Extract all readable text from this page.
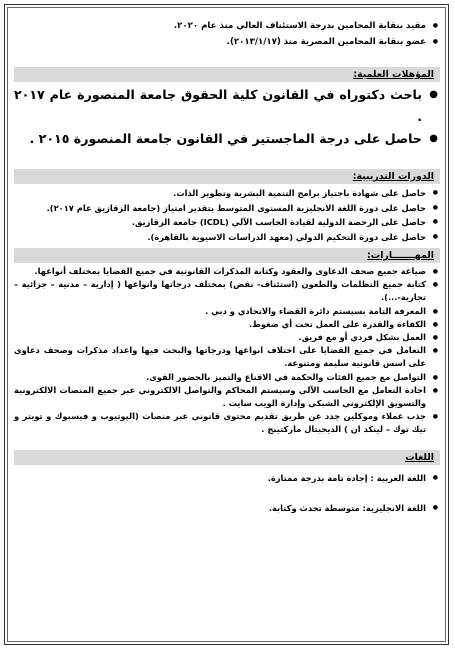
● مقيد بنقابة المحامين بدرجة الاستئناف العالي منذ عام ٢٠٢٠.
● عضو بنقابة المحامين المصرية منذ (٢٠١٣/١/١٧).
المؤهلات العلمية:
● باحث دكتوراه في القانون كلية الحقوق جامعة المنصورة عام ٢٠١٧ .
● حاصل على درجة الماجستير في القانون جامعة المنصورة ٢٠١٥ .
الدورات التدريبية:
● حاصل على شهادة باجتياز برامج التنمية البشرية وتطوير الذات.
● حاصل على دورة اللغة الانجليزية المستوى المتوسط بتقدير امتياز (جامعة الزقازيق عام ٢٠١٧).
● حاصل على الرخصة الدولية لقيادة الحاسب الآلي (ICDL) جامعة الزقازيق.
● حاصل على دورة التحكيم الدولي (معهد الدراسات الاسيوية بالقاهرة).
المهـــــــارات:
● صياغة جميع صحف الدعاوى والعقود وكتابة المذكرات القانونية في جميع القضايا بمختلف أنواعها.
● كتابة جميع التظلمات والطعون (استئناف- نقض) بمختلف درجاتها وانواعها ( إدارية – مدنية – جزائية – تجارية-...).
● المعرفة التامة بسيستم دائرة القضاء والاتحادي و دبي .
● الكفاءة والقدرة على العمل تحت أي ضغوط.
● العمل بشكل فردي أو مع فريق.
● التعامل في جميع القضايا على اختلاف انواعها ودرجاتها والبحث فيها واعداد مذكرات وصحف دعاوى على اسس قانونية سليمة ومتنوعة.
● التواصل مع جميع الفئات والحكمة في الاقناع والتميز بالحضور القوى.
● اجادة التعامل مع الحاسب الآلي وسيستم المحاكم والتواصل الالكتروني عبر جميع المنصات الالكترونية والتسويق الإلكتروني الشبكي وإدارة الويب سايت .
● جذب عملاء وموكلين جدد عن طريق تقديم محتوى قانوني عبر منصات (اليوتيوب و فيسبوك و تويتر و تيك توك – لينكد ان ) الديجيتال ماركتينج .
اللغات
● اللغة العربية : إجادة تامة بدرجة ممتازة.
● اللغة الانجليزية: متوسطة تحدث وكتابة.
